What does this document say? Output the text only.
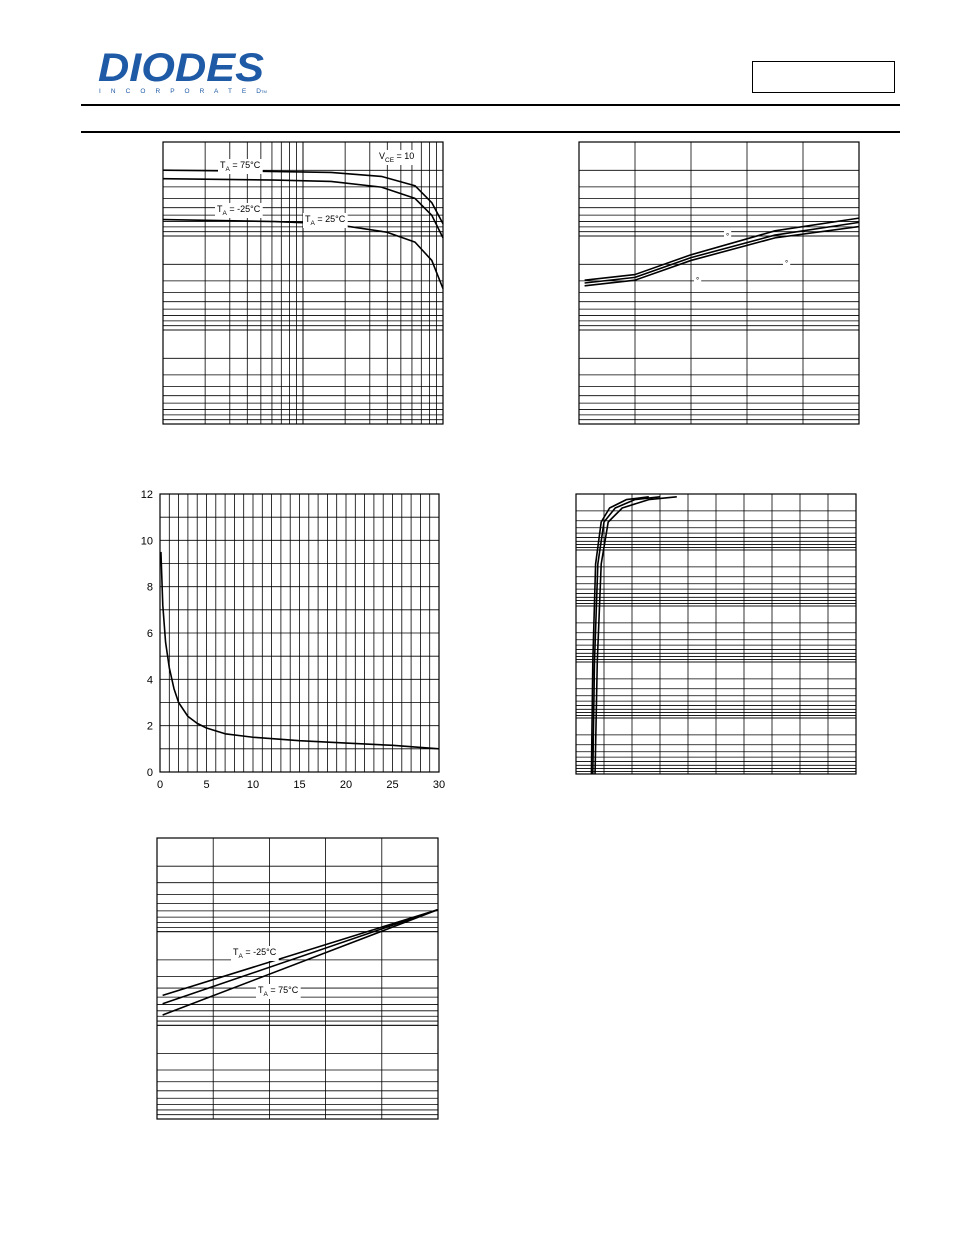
DIODES
I N C O R P O R A T E D TM
$T_A = 75^\circ C$
$T_A = -25^\circ C$
$T_A = 25^\circ C$
$V_{CE} = 10$
°
°
°
0	5	10	15	20	25	30
0
2
4
6
8
10
12
$T_A = -25^\circ C$
$T_A = 75^\circ C$
